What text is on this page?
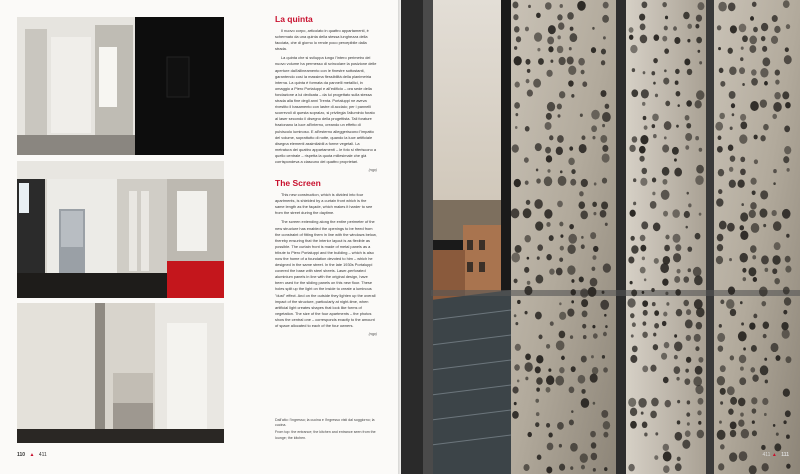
La quinta

Il nuovo corpo, articolato in quattro appartamenti, è schermato da una quinta della stessa lunghezza della facciata, che di giorno lo rende poco percepibile dalla strada.

La quinta che si sviluppa lungo l'intero perimetro del nuovo volume ha permesso di svincolare la posizione delle aperture dall'allineamento con le finestre sottostanti, garantendo così la massima flessibilità della planimetria interna. La quinta è formata da pannelli metallici, in omaggio a Piero Portaluppi e all'edificio – ora sede della fondazione a lui dedicata – da lui progettato sulla stessa strada alla fine degli anni Trenta. Portaluppi ne aveva rivestito il basamento con lastre di acciaio; per i pannelli scorrevoli di questa sopralzo, si privilegia l'alluminio forato al laser secondo il disegno della progettista. Tali forature frazionano la luce all'interno, creando un effetto di pulviscolo luminoso. E all'esterno alleggeriscono l'impatto del volume, soprattutto di notte, quando la luce artificiale disegna elementi assimilabili a forme vegetali. La metratura dei quattro appartamenti – le foto si riferiscono a quello centrale – rispetta la quota millesimale che già corrispondeva a ciascuno dei quattro proprietari.

(ngp)
The Screen

This new construction, which is divided into four apartments, is shielded by a curtain front which is the same length as the façade, which makes it harder to see from the street during the daytime.

The screen extending along the entire perimeter of the new structure has enabled the openings to be freed from the constraint of fitting them in line with the windows below, thereby ensuring that the interior layout is as flexible as possible. The curtain front is made of metal panels as a tribute to Piero Portaluppi and the building – which is also now the home of a foundation devoted to him – which he designed in the same street. In the late 1930s Portaluppi covered the base with steel sheets. Laser-perforated aluminium panels in line with the original design, have been used for the sliding panels on this new floor. These holes split up the light on the inside to create a luminous "dust" effect. And on the outside they lighten up the overall impact of the structure, particularly at night-time, when artificial light creates shapes that look like forms of vegetation. The size of the four apartments – the photos show the central one – corresponds exactly to the amount of space allocated to each of the four owners.

(ngp)

Dall'alto: l'ingresso; la cucina e l'ingresso visti dal soggiorno; la cucina.

From top: the entrance; the kitchen and entrance seen from the lounge; the kitchen.

110 ▲ 411	411 ▲ 111
